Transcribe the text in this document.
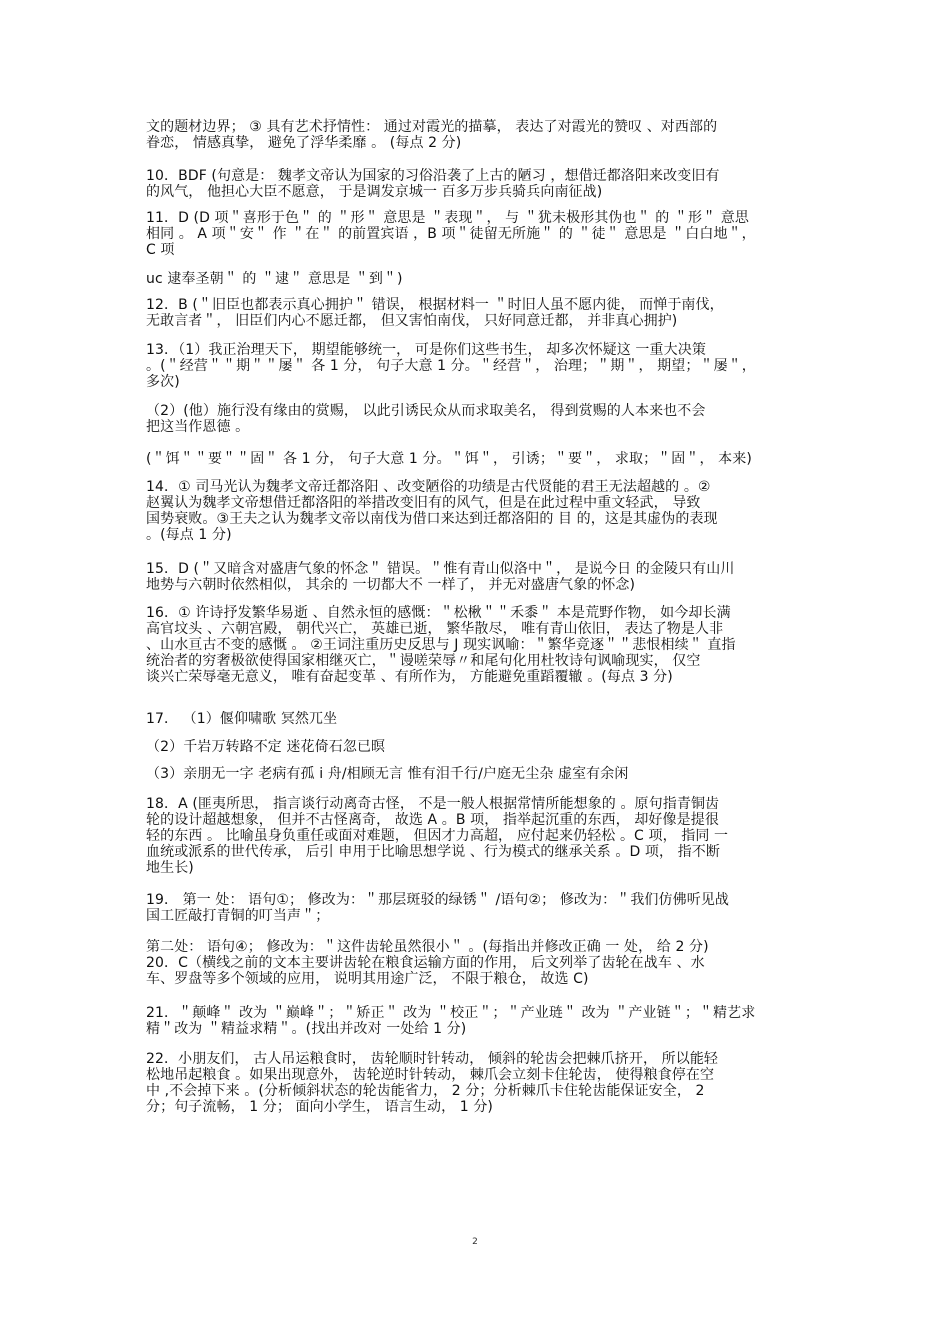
文的题材边界； ③ 具有艺术抒情性： 通过对霞光的描摹， 表达了对霞光的赞叹 、对西部的
眷恋， 情感真挚， 避免了浮华柔靡 。 (每点 2 分)
10．BDF (句意是： 魏孝文帝认为国家的习俗沿袭了上古的陋习 ，想借迁都洛阳来改变旧有
的风气， 他担心大臣不愿意， 于是调发京城一 百多万步兵骑兵向南征战)
11．D (D 项＂喜形于色＂ 的 ＂形＂ 意思是 ＂表现＂， 与 ＂犹未极形其伪也＂ 的 ＂形＂ 意思
相同 。 A 项＂安＂ 作 ＂在＂ 的前置宾语 ，B 项＂徒留无所施＂ 的 ＂徒＂ 意思是 ＂白白地＂，
C 项
uc 逮奉圣朝＂ 的 ＂逮＂ 意思是 ＂到＂)
12．B (＂旧臣也都表示真心拥护＂ 错误， 根据材料一 ＂时旧人虽不愿内徙， 而惮于南伐，
无敢言者＂， 旧臣们内心不愿迁都， 但又害怕南伐， 只好同意迁都， 并非真心拥护)
13．（1）我正治理天下， 期望能够统一， 可是你们这些书生， 却多次怀疑这 一重大决策
。(＂经营＂＂期＂＂屡＂ 各 1 分， 句子大意 1 分。＂经营＂， 治理；＂期＂， 期望；＂屡＂，
多次)
（2）(他）施行没有缘由的赏赐， 以此引诱民众从而求取美名， 得到赏赐的人本来也不会
把这当作恩德 。
(＂饵＂＂要＂＂固＂ 各 1 分， 句子大意 1 分。＂饵＂， 引诱；＂要＂， 求取；＂固＂， 本来)
14．① 司马光认为魏孝文帝迁都洛阳 、改变陋俗的功绩是古代贤能的君王无法超越的 。②
赵翼认为魏孝文帝想借迁都洛阳的举措改变旧有的风气，但是在此过程中重文轻武， 导致
国势衰败。③王夫之认为魏孝文帝以南伐为借口来达到迁都洛阳的 目 的，这是其虚伪的表现
。(每点 1 分)
15．D (＂又暗含对盛唐气象的怀念＂ 错误。＂惟有青山似洛中＂， 是说今日 的金陵只有山川
地势与六朝时依然相似， 其余的 一切都大不 一样了， 并无对盛唐气象的怀念)
16．① 许诗抒发繁华易逝 、自然永恒的感慨：＂松楸＂＂禾黍＂ 本是荒野作物， 如今却长满
高官坟头 、六朝宫殿， 朝代兴亡， 英雄已逝， 繁华散尽， 唯有青山依旧， 表达了物是人非
、山水亘古不变的感慨 。 ②王词注重历史反思与 J 现实讽喻：＂繁华竞逐＂＂悲恨相续＂ 直指
统治者的穷奢极欲使得国家相继灭亡，＂谩嗟荣辱〃和尾句化用杜牧诗句讽喻现实， 仅空
谈兴亡荣辱毫无意义， 唯有奋起变革 、有所作为， 方能避免重蹈覆辙 。(每点 3 分)
17． （1）偃仰啸歌 冥然兀坐
（2）千岩万转路不定 迷花倚石忽已暝
（3）亲朋无一字 老病有孤 i 舟/相顾无言 惟有泪千行/户庭无尘杂 虚室有余闲
18．A (匪夷所思， 指言谈行动离奇古怪， 不是一般人根据常情所能想象的 。原句指青铜齿
轮的设计超越想象， 但并不古怪离奇， 故选 A 。B 项， 指举起沉重的东西， 却好像是提很
轻的东西 。 比喻虽身负重任或面对难题， 但因才力高超， 应付起来仍轻松 。C 项， 指同 一
血统或派系的世代传承， 后引 申用于比喻思想学说 、行为模式的继承关系 。D 项， 指不断
地生长)
19． 第一 处： 语句①； 修改为：＂那层斑驳的绿锈＂ /语句②； 修改为：＂我们仿佛听见战
国工匠敲打青铜的叮当声＂；
第二处： 语句④； 修改为：＂这件齿轮虽然很小＂ 。(每指出并修改正确 一 处， 给 2 分)
20．C（横线之前的文本主要讲齿轮在粮食运输方面的作用， 后文列举了齿轮在战车 、水
车、罗盘等多个领域的应用， 说明其用途广泛， 不限于粮仓， 故选 C)
21．＂颠峰＂ 改为 ＂巅峰＂；＂矫正＂ 改为 ＂校正＂；＂产业琏＂ 改为 ＂产业链＂；＂精艺求
精＂改为 ＂精益求精＂。(找出并改对 一处给 1 分)
22．小朋友们， 古人吊运粮食时， 齿轮顺时针转动， 倾斜的轮齿会把棘爪挤开， 所以能轻
松地吊起粮食 。如果出现意外， 齿轮逆时针转动， 棘爪会立刻卡住轮齿， 使得粮食停在空
中 ,不会掉下来 。(分析倾斜状态的轮齿能省力， 2 分；分析棘爪卡住轮齿能保证安全， 2
分；句子流畅， 1 分； 面向小学生， 语言生动， 1 分)
2
